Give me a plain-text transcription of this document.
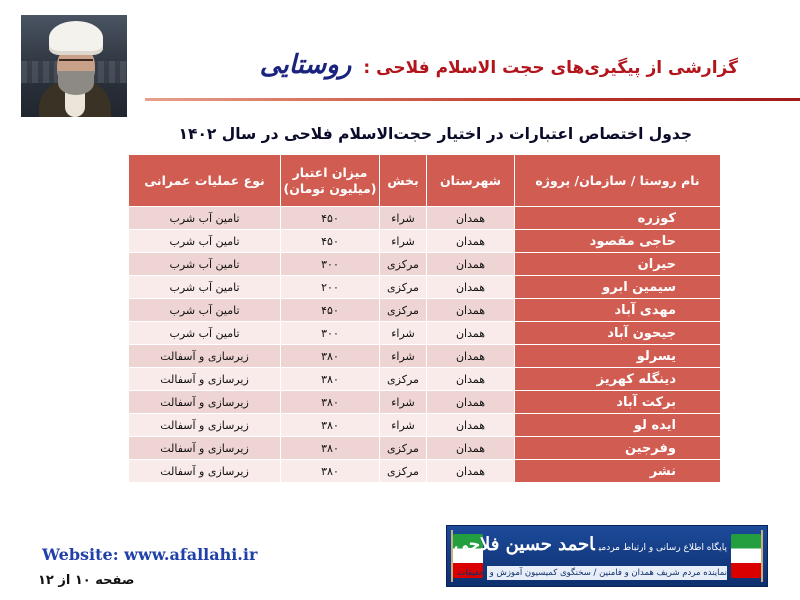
گزارشی از پیگیری‌های حجت الاسلام فلاحی:روستایی
جدول اختصاص اعتبارات در اختیار حجت‌الاسلام فلاحی در سال ۱۴۰۲
نام روستا / سازمان/ پروژه	شهرستان	بخش	میزان اعتبار (میلیون تومان)	نوع عملیات عمرانی
کوزره	همدان	شراء	۴۵۰	تامین آب شرب
حاجی مقصود	همدان	شراء	۴۵۰	تامین آب شرب
حیران	همدان	مرکزی	۳۰۰	تامین آب شرب
سیمین ابرو	همدان	مرکزی	۲۰۰	تامین آب شرب
مهدی آباد	همدان	مرکزی	۴۵۰	تامین آب شرب
جیحون آباد	همدان	شراء	۳۰۰	تامین آب شرب
یسرلو	همدان	شراء	۳۸۰	زیرسازی و آسفالت
دینگله کهریز	همدان	مرکزی	۳۸۰	زیرسازی و آسفالت
برکت آباد	همدان	شراء	۳۸۰	زیرسازی و آسفالت
ایده لو	همدان	شراء	۳۸۰	زیرسازی و آسفالت
وفرجین	همدان	مرکزی	۳۸۰	زیرسازی و آسفالت
نشر	همدان	مرکزی	۳۸۰	زیرسازی و آسفالت
Website: www.afallahi.ir
صفحه ۱۰ از ۱۲
پایگاه اطلاع رسانی و ارتباط مردمیاحمد حسین فلاحی
نماینده مردم شریف همدان و فامنین / سخنگوی کمیسیون آموزش و تحقیقات
